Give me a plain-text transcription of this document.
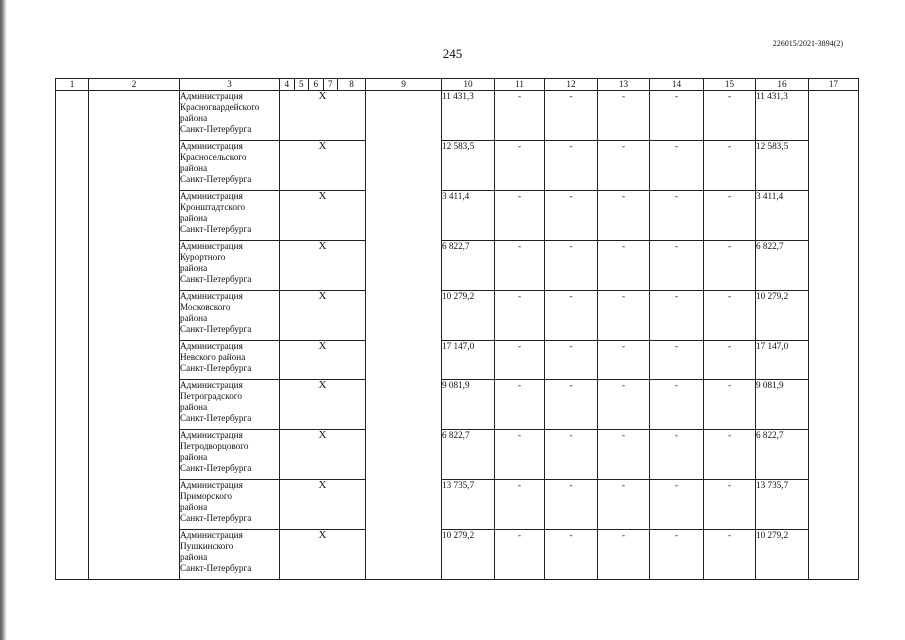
245
226015/2021-3894(2)
1	2	3	4 5 6 7 8	9	10	11	12	13	14	15	16	17

		Администрация
Красногвардейского
района
Санкт-Петербурга	Х		11 431,3	-	-	-	-	-	11 431,3	

		Администрация
Красносельского
района
Санкт-Петербурга	Х		12 583,5	-	-	-	-	-	12 583,5	

		Администрация
Кронштадтского
района
Санкт-Петербурга	Х		3 411,4	-	-	-	-	-	3 411,4	

		Администрация
Курортного
района
Санкт-Петербурга	Х		6 822,7	-	-	-	-	-	6 822,7	

		Администрация
Московского
района
Санкт-Петербурга	Х		10 279,2	-	-	-	-	-	10 279,2	

		Администрация
Невского района
Санкт-Петербурга	Х		17 147,0	-	-	-	-	-	17 147,0	

		Администрация
Петроградского
района
Санкт-Петербурга	Х		9 081,9	-	-	-	-	-	9 081,9	

		Администрация
Петродворцового
района
Санкт-Петербурга	Х		6 822,7	-	-	-	-	-	6 822,7	

		Администрация
Приморского
района
Санкт-Петербурга	Х		13 735,7	-	-	-	-	-	13 735,7	

		Администрация
Пушкинского
района
Санкт-Петербурга	Х		10 279,2	-	-	-	-	-	10 279,2	
